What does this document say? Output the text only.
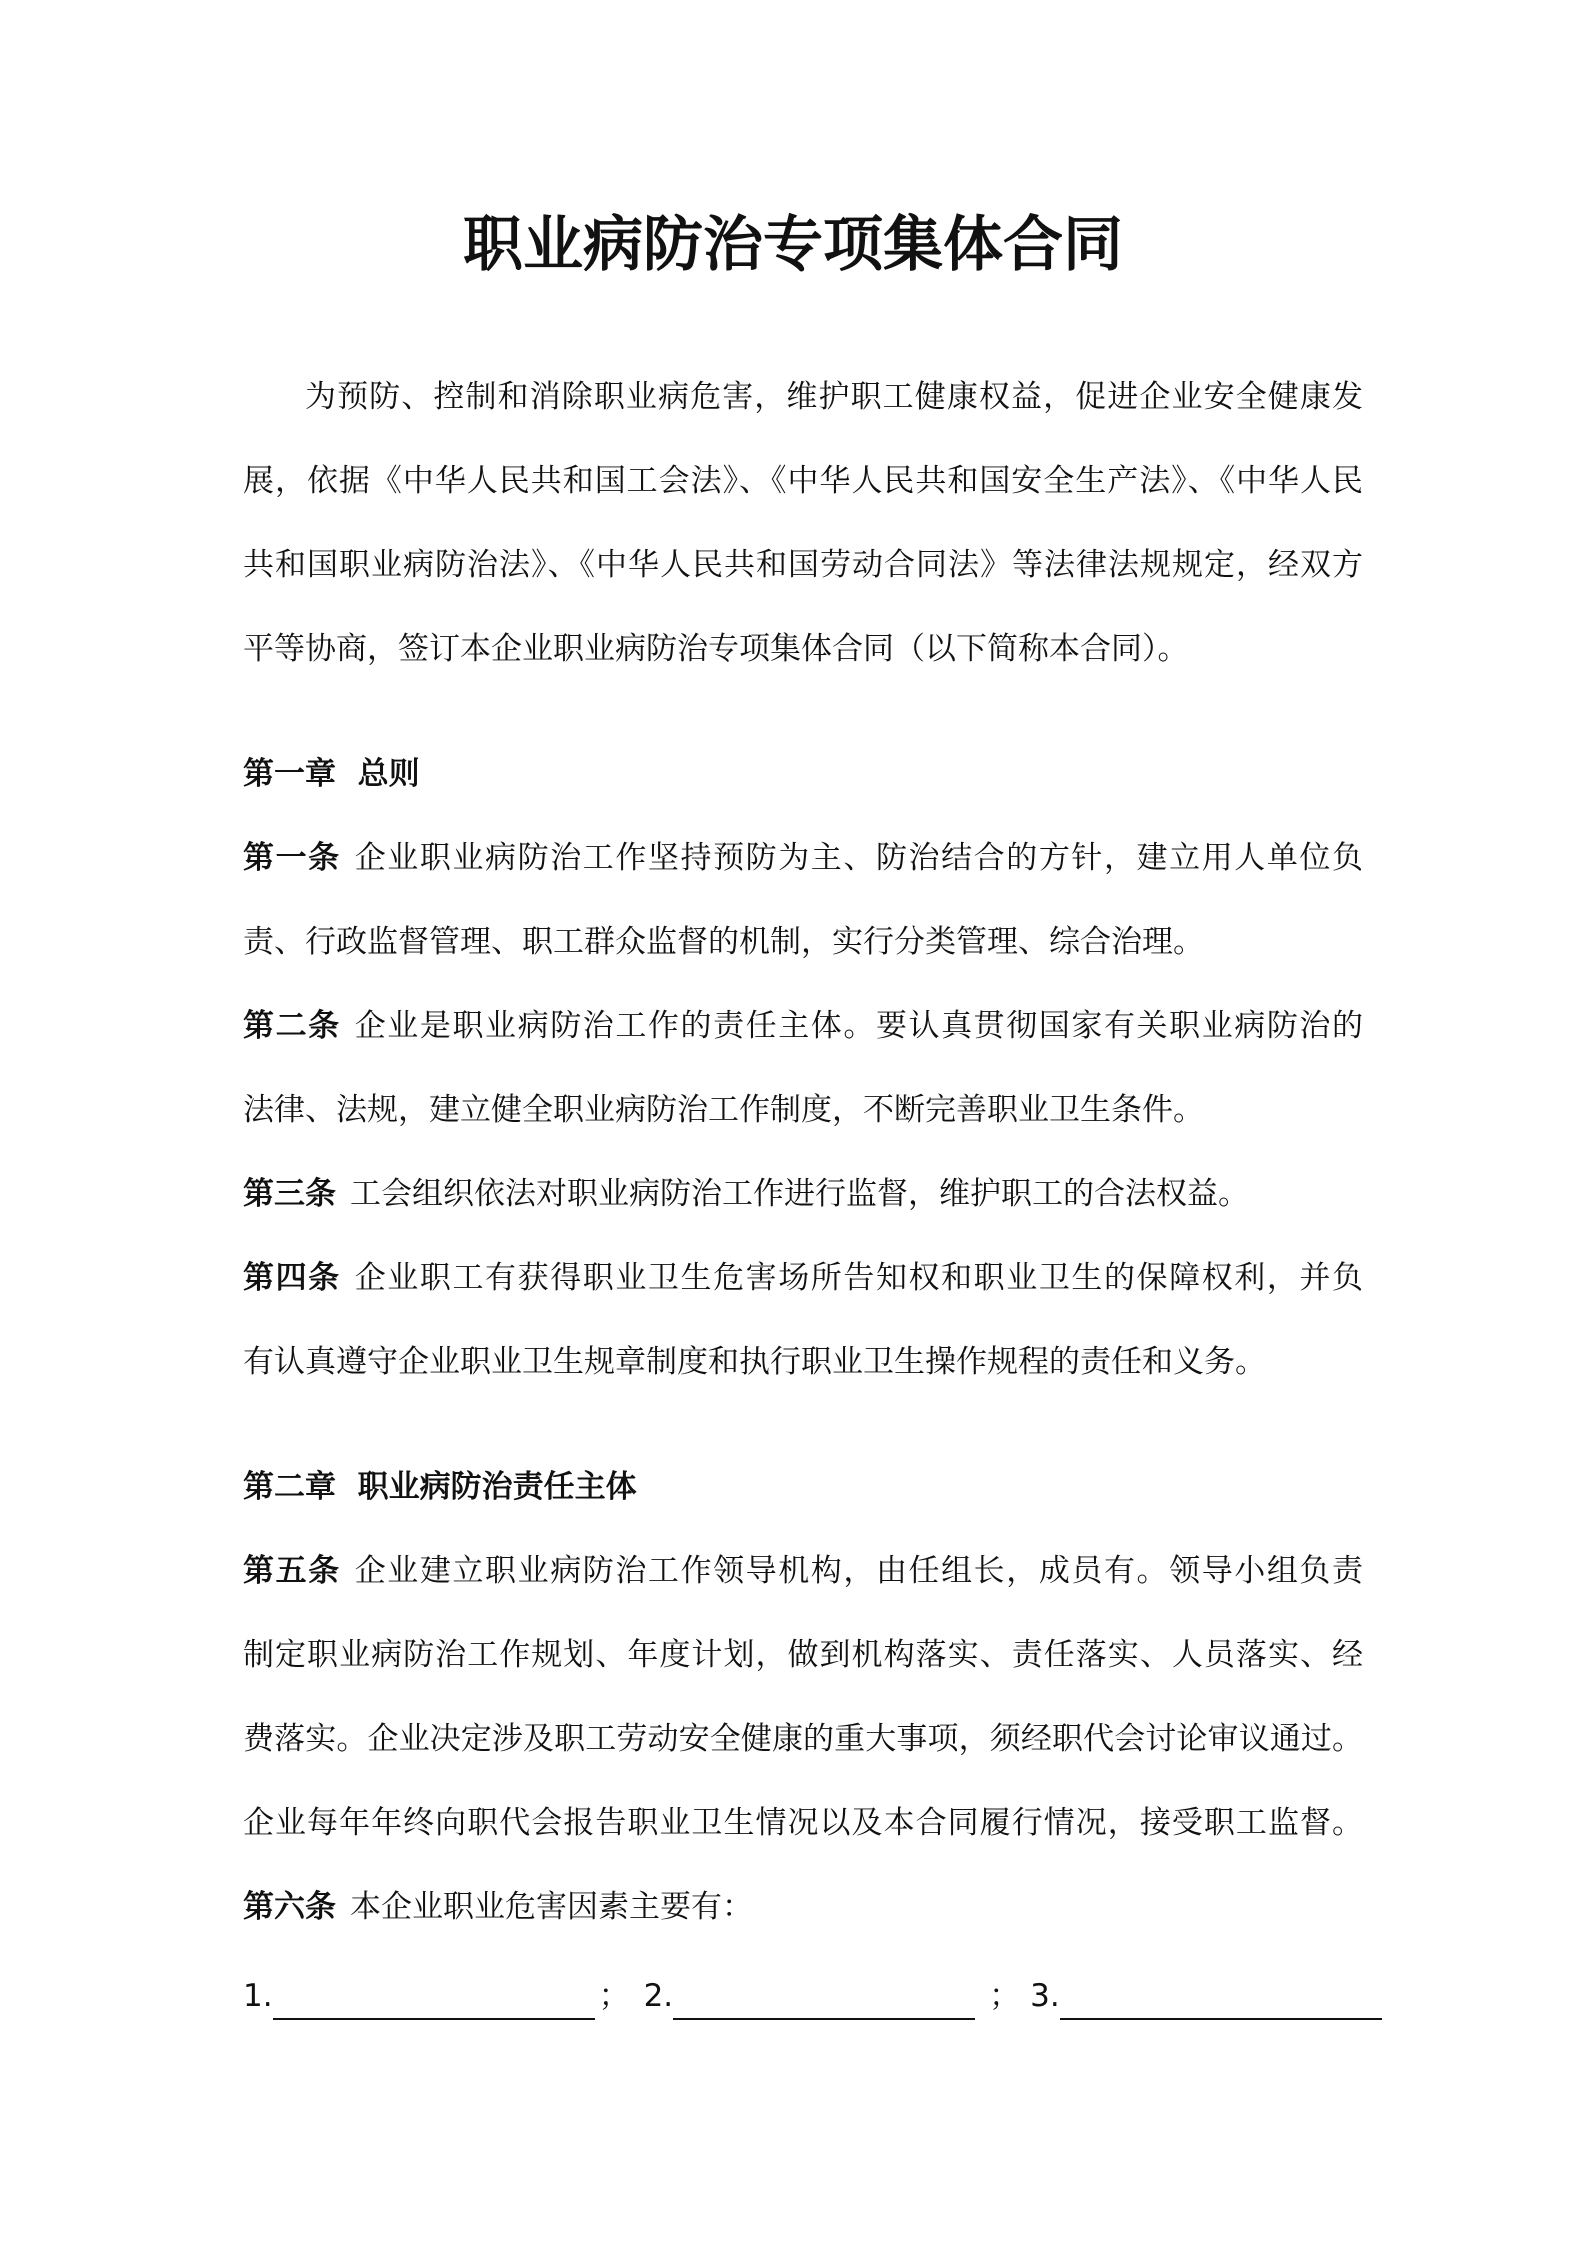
职业病防治专项集体合同
为预防、控制和消除职业病危害，维护职工健康权益，促进企业安全健康发
展，依据《中华人民共和国工会法》、《中华人民共和国安全生产法》、《中华人民
共和国职业病防治法》、《中华人民共和国劳动合同法》等法律法规规定，经双方
平等协商，签订本企业职业病防治专项集体合同（以下简称本合同）。
第一章  总则
第一条 企业职业病防治工作坚持预防为主、防治结合的方针，建立用人单位负
责、行政监督管理、职工群众监督的机制，实行分类管理、综合治理。
第二条 企业是职业病防治工作的责任主体。要认真贯彻国家有关职业病防治的
法律、法规，建立健全职业病防治工作制度，不断完善职业卫生条件。
第三条 工会组织依法对职业病防治工作进行监督，维护职工的合法权益。
第四条 企业职工有获得职业卫生危害场所告知权和职业卫生的保障权利，并负
有认真遵守企业职业卫生规章制度和执行职业卫生操作规程的责任和义务。
第二章  职业病防治责任主体
第五条 企业建立职业病防治工作领导机构，由任组长，成员有。领导小组负责
制定职业病防治工作规划、年度计划，做到机构落实、责任落实、人员落实、经
费落实。企业决定涉及职工劳动安全健康的重大事项，须经职代会讨论审议通过。
企业每年年终向职代会报告职业卫生情况以及本合同履行情况，接受职工监督。
第六条 本企业职业危害因素主要有：
1.	； 2.	； 3.
